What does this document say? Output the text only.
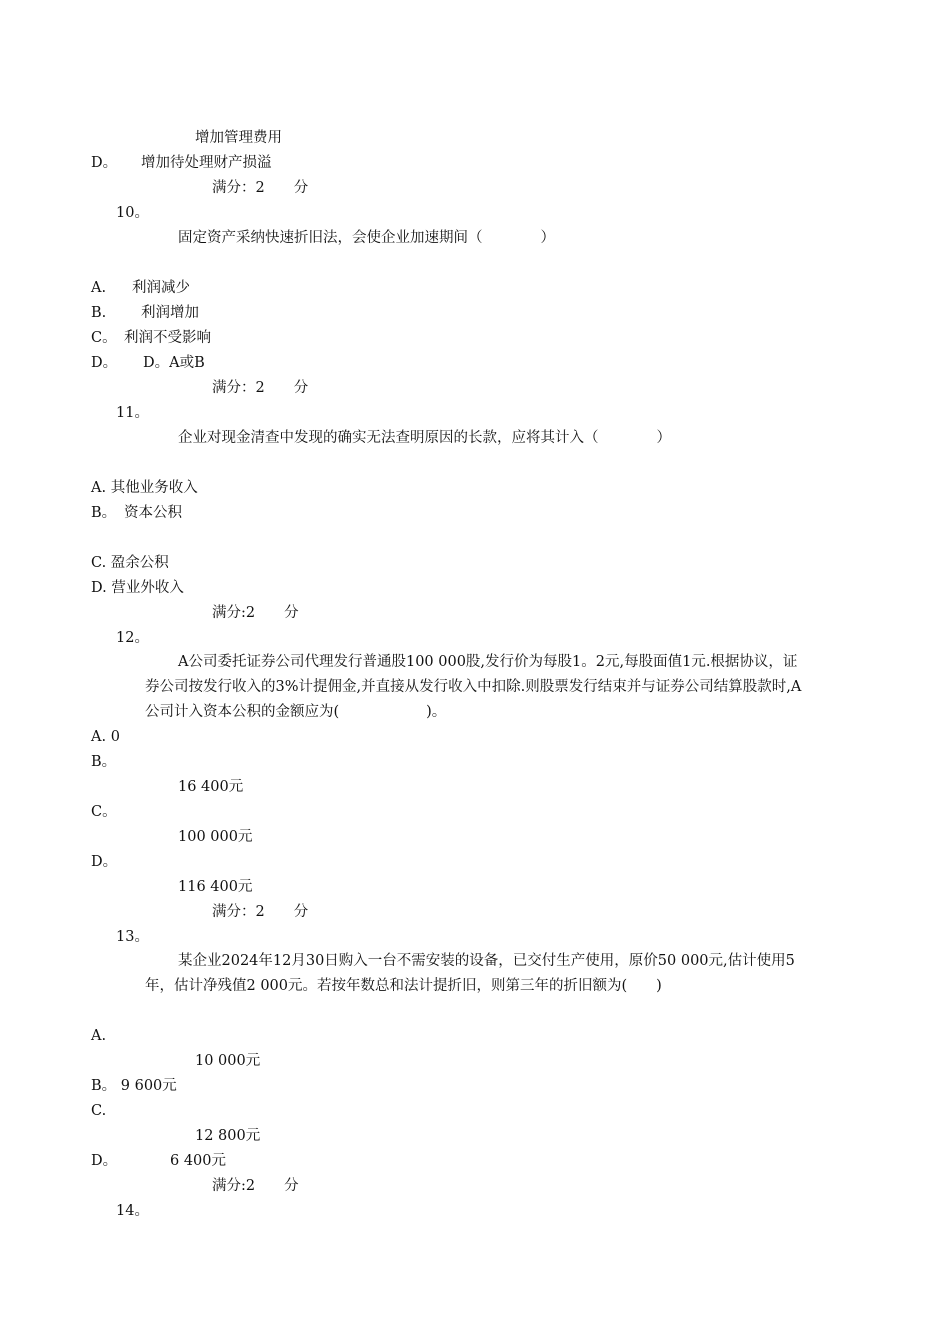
增加管理费用
D。 增加待处理财产损溢
满分：2　　分
10。
固定资产采纳快速折旧法，会使企业加速期间（　　　　）
A. 利润减少
B. 利润增加
C。 利润不受影响
D。 D。A或B
满分：2　　分
11。
企业对现金清查中发现的确实无法查明原因的长款，应将其计入（　　　　）
A. 其他业务收入
B。 资本公积
C. 盈余公积
D. 营业外收入
满分:2　　分
12。
A公司委托证券公司代理发行普通股100 000股,发行价为每股1。2元,每股面值1元.根据协议，证券公司按发行收入的3%计提佣金,并直接从发行收入中扣除.则股票发行结束并与证券公司结算股款时,A公司计入资本公积的金额应为(　　　　　　)。
A. 0
B。
16 400元
C。
100 000元
D。
116 400元
满分：2　　分
13。
某企业2024年12月30日购入一台不需安装的设备，已交付生产使用，原价50 000元,估计使用5年，估计净残值2 000元。若按年数总和法计提折旧，则第三年的折旧额为(　　)
A.
10 000元
B。 9 600元
C.
12 800元
D。	6 400元
满分:2　　分
14。
